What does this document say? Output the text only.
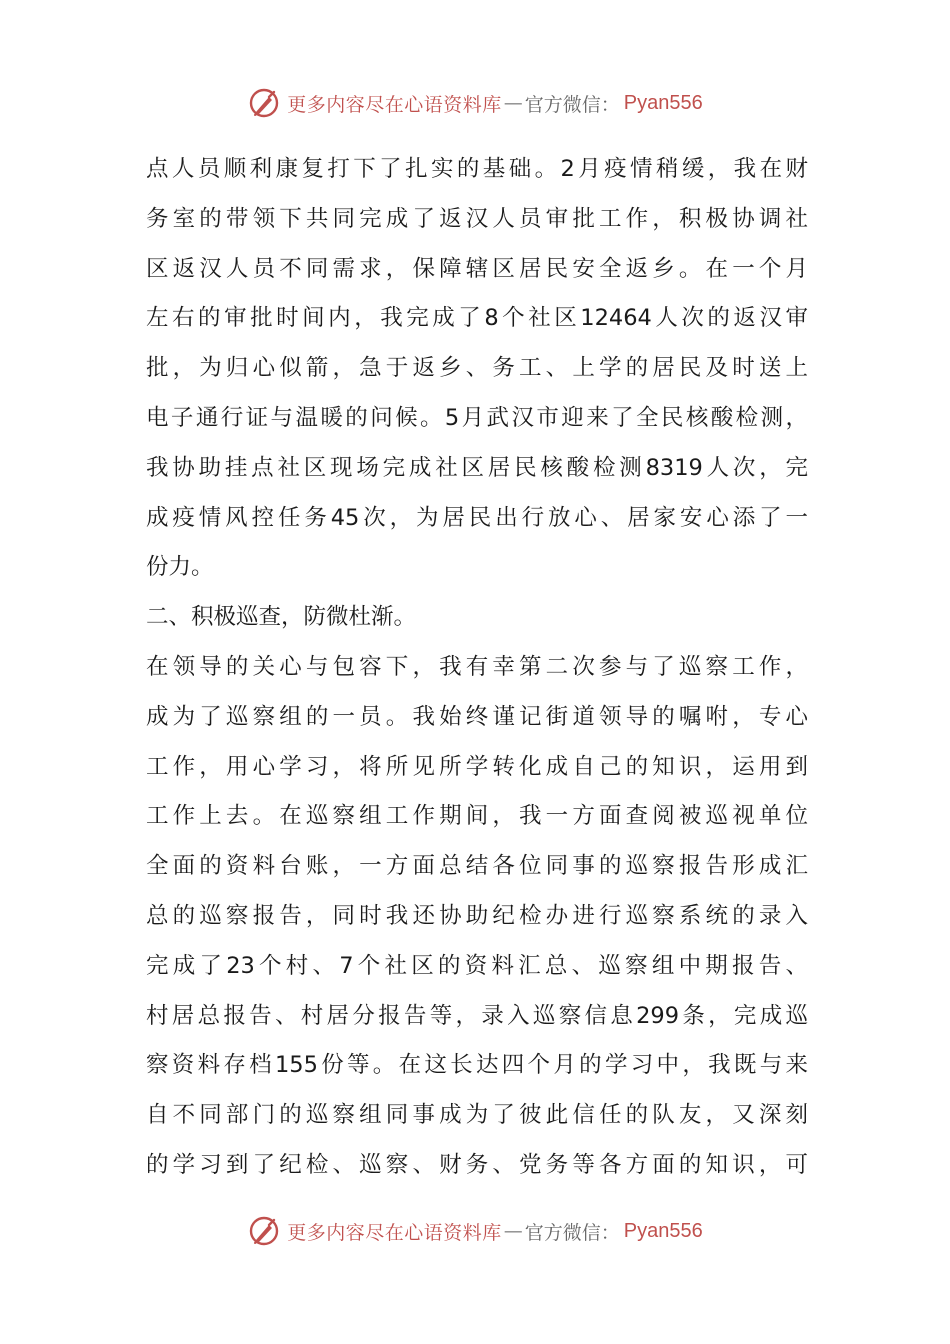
更多内容尽在心语资料库 — 官方微信： Pyan556
点人员顺利康复打下了扎实的基础。2月疫情稍缓，我在财
务室的带领下共同完成了返汉人员审批工作，积极协调社
区返汉人员不同需求，保障辖区居民安全返乡。在一个月
左右的审批时间内，我完成了8个社区12464人次的返汉审
批，为归心似箭，急于返乡、务工、上学的居民及时送上
电子通行证与温暖的问候。5月武汉市迎来了全民核酸检测，
我协助挂点社区现场完成社区居民核酸检测8319人次，完
成疫情风控任务45次，为居民出行放心、居家安心添了一
份力。
二、积极巡查，防微杜渐。
在领导的关心与包容下，我有幸第二次参与了巡察工作，
成为了巡察组的一员。我始终谨记街道领导的嘱咐，专心
工作，用心学习，将所见所学转化成自己的知识，运用到
工作上去。在巡察组工作期间，我一方面查阅被巡视单位
全面的资料台账，一方面总结各位同事的巡察报告形成汇
总的巡察报告，同时我还协助纪检办进行巡察系统的录入
完成了23个村、7个社区的资料汇总、巡察组中期报告、
村居总报告、村居分报告等，录入巡察信息299条，完成巡
察资料存档155份等。在这长达四个月的学习中，我既与来
自不同部门的巡察组同事成为了彼此信任的队友，又深刻
的学习到了纪检、巡察、财务、党务等各方面的知识，可
更多内容尽在心语资料库 — 官方微信： Pyan556
